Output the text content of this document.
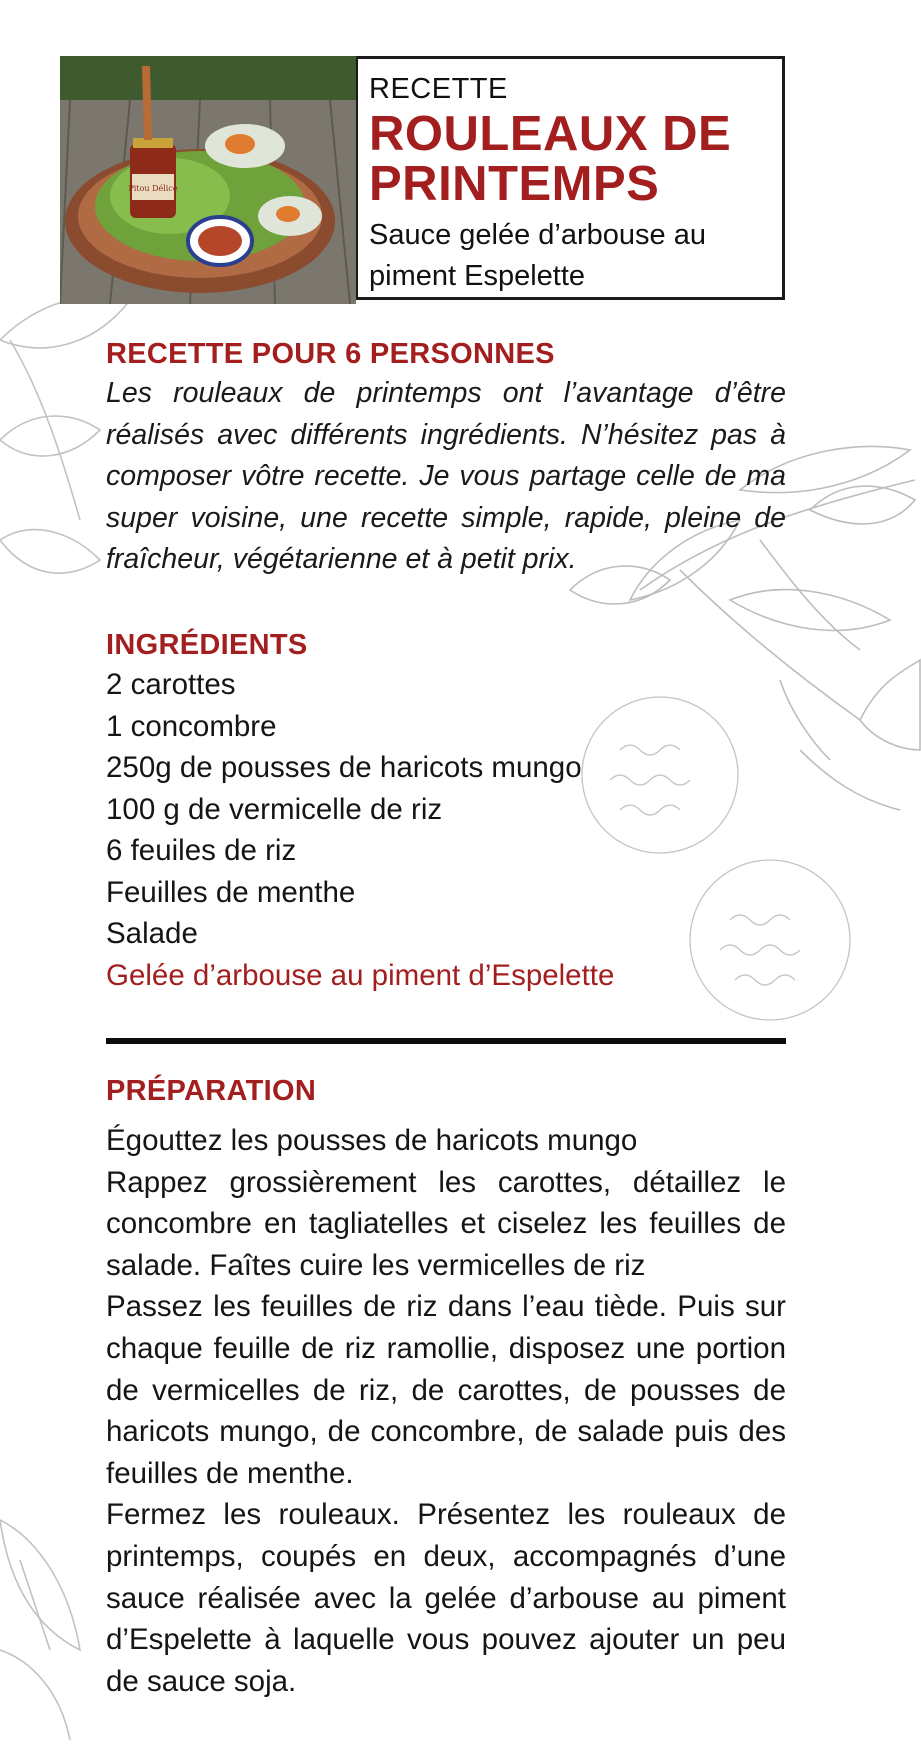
Pitou Délice
RECETTE
ROULEAUX DE
PRINTEMPS
Sauce gelée d’arbouse au
piment Espelette
RECETTE POUR 6 PERSONNES

Les rouleaux de printemps ont l’avantage d’être réalisés avec différents ingrédients. N’hésitez pas à composer vôtre recette. Je vous partage celle de ma super voisine, une recette simple, rapide, pleine de fraîcheur, végétarienne et à petit prix.

INGRÉDIENTS
2 carottes
1 concombre
250g de pousses de haricots mungo
100 g de vermicelle de riz
6 feuiles de riz
Feuilles de menthe
Salade
Gelée d’arbouse au piment d’Espelette
PRÉPARATION

Égouttez les pousses de haricots mungo

Rappez grossièrement les carottes, détaillez le concombre en tagliatelles et ciselez les feuilles de salade. Faîtes cuire les vermicelles de riz

Passez les feuilles de riz dans l’eau tiède. Puis sur chaque feuille de riz ramollie, disposez une portion de vermicelles de riz, de carottes, de pousses de haricots mungo, de concombre, de salade puis des feuilles de menthe.

Fermez les rouleaux. Présentez les rouleaux de printemps, coupés en deux, accompagnés d’une sauce réalisée avec la gelée d’arbouse au piment d’Espelette à laquelle vous pouvez ajouter un peu de sauce soja.
